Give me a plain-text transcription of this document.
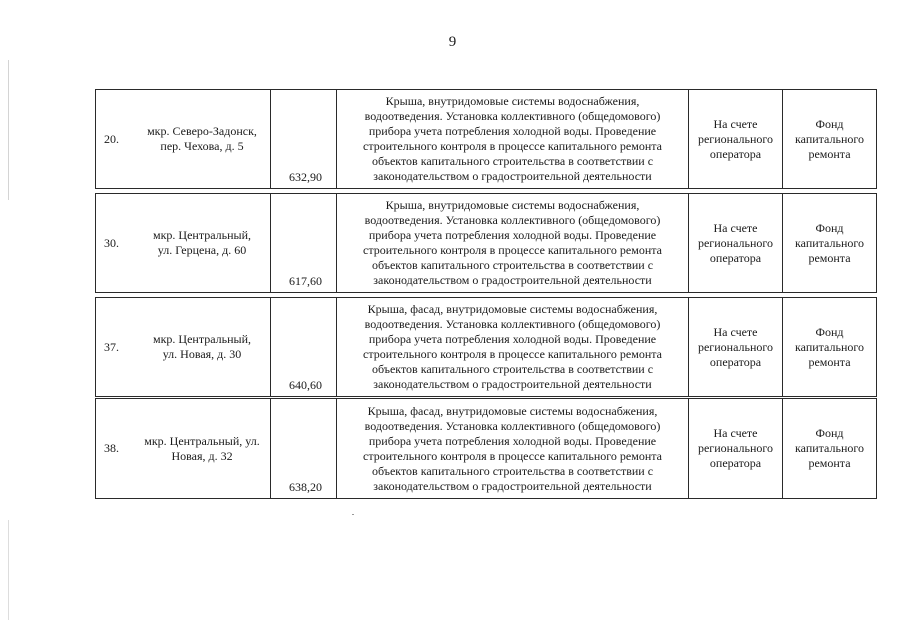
9
20.
мкр. Северо-Задонск,
пер. Чехова, д. 5
632,90
Крыша, внутридомовые системы водоснабжения,
водоотведения. Установка коллективного (общедомового)
прибора учета потребления холодной воды. Проведение
строительного контроля в процессе капитального ремонта
объектов капитального строительства в соответствии с
законодательством о градостроительной деятельности
На счете
регионального
оператора
Фонд
капитального
ремонта
30.
мкр. Центральный,
ул. Герцена, д. 60
617,60
Крыша, внутридомовые системы водоснабжения,
водоотведения. Установка коллективного (общедомового)
прибора учета потребления холодной воды. Проведение
строительного контроля в процессе капитального ремонта
объектов капитального строительства в соответствии с
законодательством о градостроительной деятельности
На счете
регионального
оператора
Фонд
капитального
ремонта
37.
мкр. Центральный,
ул. Новая, д. 30
640,60
Крыша, фасад, внутридомовые системы водоснабжения,
водоотведения. Установка коллективного (общедомового)
прибора учета потребления холодной воды. Проведение
строительного контроля в процессе капитального ремонта
объектов капитального строительства в соответствии с
законодательством о градостроительной деятельности
На счете
регионального
оператора
Фонд
капитального
ремонта
38.
мкр. Центральный, ул.
Новая, д. 32
638,20
Крыша, фасад, внутридомовые системы водоснабжения,
водоотведения. Установка коллективного (общедомового)
прибора учета потребления холодной воды. Проведение
строительного контроля в процессе капитального ремонта
объектов капитального строительства в соответствии с
законодательством о градостроительной деятельности
На счете
регионального
оператора
Фонд
капитального
ремонта
